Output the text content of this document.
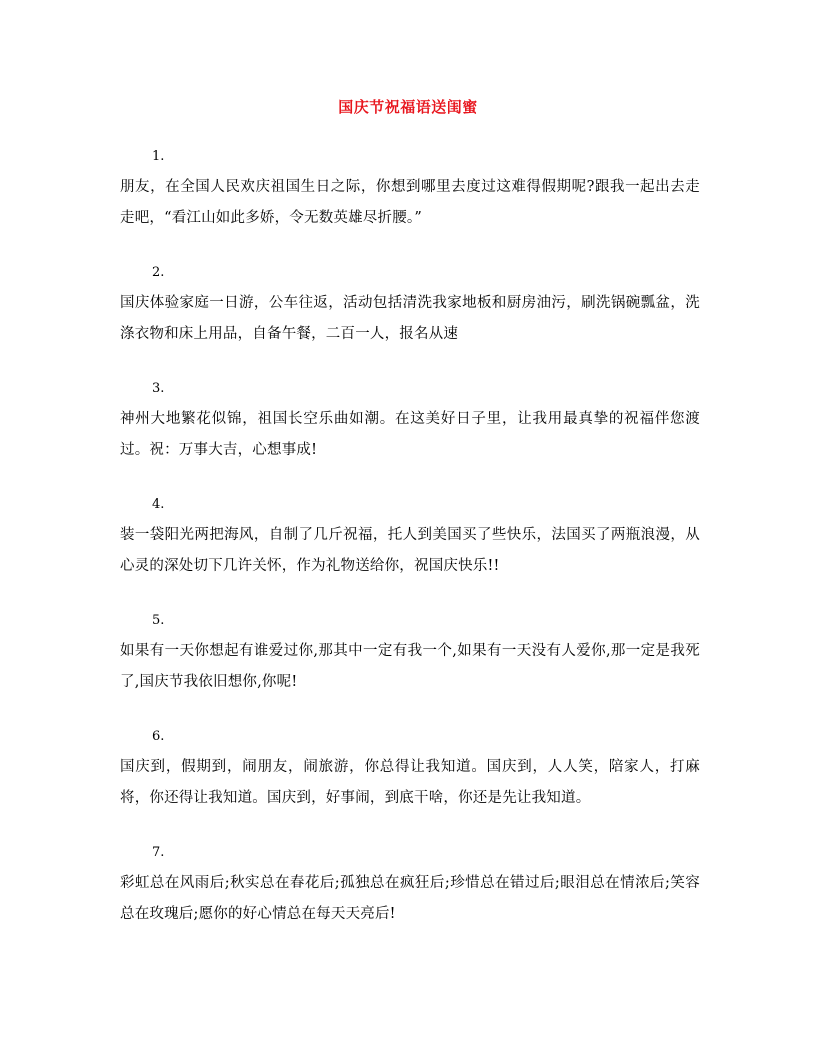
国庆节祝福语送闺蜜
1.
朋友，在全国人民欢庆祖国生日之际，你想到哪里去度过这难得假期呢?跟我一起出去走走吧，“看江山如此多娇，令无数英雄尽折腰。”
2.
国庆体验家庭一日游，公车往返，活动包括清洗我家地板和厨房油污，刷洗锅碗瓢盆，洗涤衣物和床上用品，自备午餐，二百一人，报名从速
3.
神州大地繁花似锦，祖国长空乐曲如潮。在这美好日子里，让我用最真挚的祝福伴您渡过。祝：万事大吉，心想事成!
4.
装一袋阳光两把海风，自制了几斤祝福，托人到美国买了些快乐，法国买了两瓶浪漫，从心灵的深处切下几许关怀，作为礼物送给你，祝国庆快乐!!
5.
如果有一天你想起有谁爱过你,那其中一定有我一个,如果有一天没有人爱你,那一定是我死了,国庆节我依旧想你,你呢!
6.
国庆到，假期到，闹朋友，闹旅游，你总得让我知道。国庆到，人人笑，陪家人，打麻将，你还得让我知道。国庆到，好事闹，到底干啥，你还是先让我知道。
7.
彩虹总在风雨后;秋实总在春花后;孤独总在疯狂后;珍惜总在错过后;眼泪总在情浓后;笑容总在玫瑰后;愿你的好心情总在每天天亮后!
